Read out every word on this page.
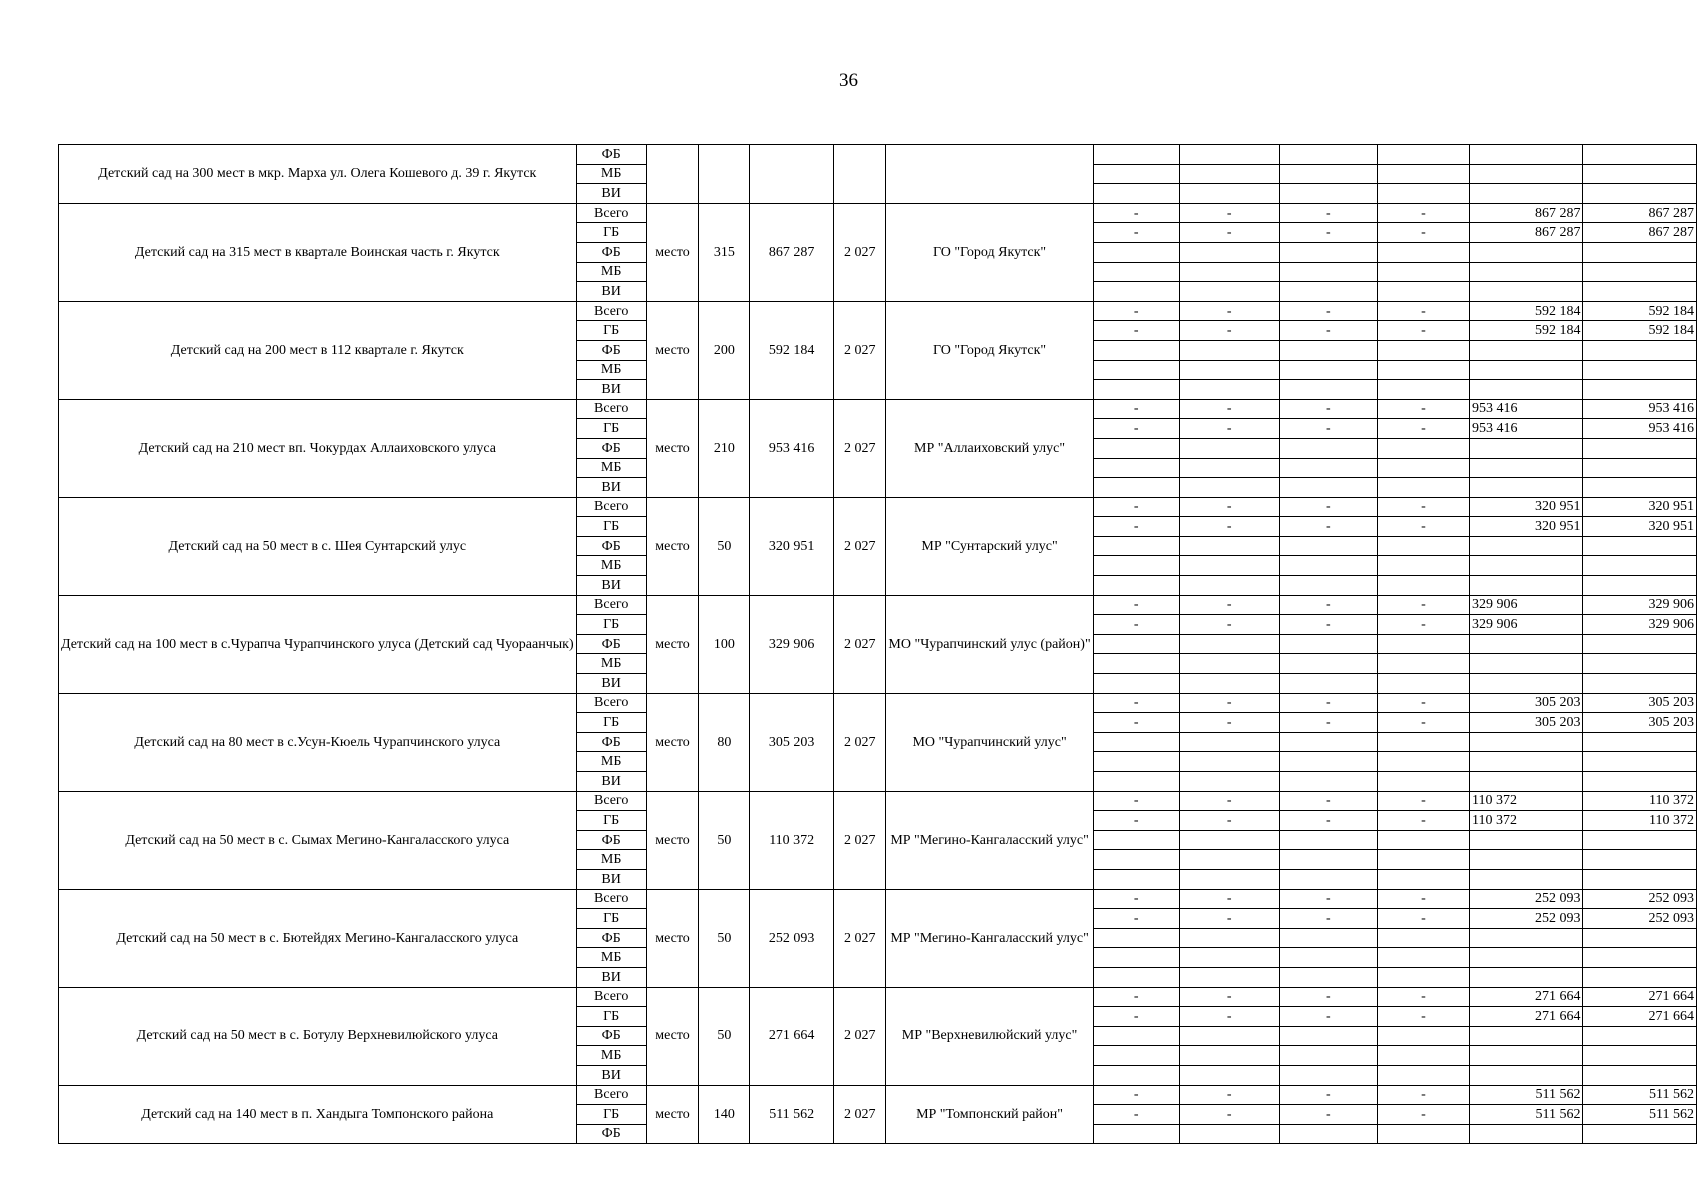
36
Детский сад на 300 мест в мкр. Марха ул. Олега Кошевого д. 39 г. Якутск	ФБ											
	МБ											
	ВИ											
Детский сад на 315 мест в квартале Воинская часть г. Якутск	Всего	место	315	867 287	2 027	ГО "Город Якутск"	-	-	-	-	867 287	867 287
	ГБ						-	-	-	-	867 287	867 287
	ФБ											
	МБ											
	ВИ											
Детский сад на 200 мест в 112 квартале г. Якутск	Всего	место	200	592 184	2 027	ГО "Город Якутск"	-	-	-	-	592 184	592 184
	ГБ						-	-	-	-	592 184	592 184
	ФБ											
	МБ											
	ВИ											
Детский сад на 210 мест вп. Чокурдах Аллаиховского улуса	Всего	место	210	953 416	2 027	МР "Аллаиховский улус"	-	-	-	-	953 416	953 416
	ГБ						-	-	-	-	953 416	953 416
	ФБ											
	МБ											
	ВИ											
Детский сад на 50 мест в с. Шея Сунтарский улус	Всего	место	50	320 951	2 027	МР "Сунтарский улус"	-	-	-	-	320 951	320 951
	ГБ						-	-	-	-	320 951	320 951
	ФБ											
	МБ											
	ВИ											
Детский сад на 100 мест в с.Чурапча Чурапчинского улуса (Детский сад Чуораанчык)	Всего	место	100	329 906	2 027	МО "Чурапчинский улус (район)"	-	-	-	-	329 906	329 906
	ГБ						-	-	-	-	329 906	329 906
	ФБ											
	МБ											
	ВИ											
Детский сад на 80 мест в с.Усун-Кюель Чурапчинского улуса	Всего	место	80	305 203	2 027	МО "Чурапчинский улус"	-	-	-	-	305 203	305 203
	ГБ						-	-	-	-	305 203	305 203
	ФБ											
	МБ											
	ВИ											
Детский сад на 50 мест в с. Сымах Мегино-Кангаласского улуса	Всего	место	50	110 372	2 027	МР "Мегино-Кангаласский улус"	-	-	-	-	110 372	110 372
	ГБ						-	-	-	-	110 372	110 372
	ФБ											
	МБ											
	ВИ											
Детский сад на 50 мест в с. Бютейдях Мегино-Кангаласского улуса	Всего	место	50	252 093	2 027	МР "Мегино-Кангаласский улус"	-	-	-	-	252 093	252 093
	ГБ						-	-	-	-	252 093	252 093
	ФБ											
	МБ											
	ВИ											
Детский сад на 50 мест в с. Ботулу Верхневилюйского улуса	Всего	место	50	271 664	2 027	МР "Верхневилюйский улус"	-	-	-	-	271 664	271 664
	ГБ						-	-	-	-	271 664	271 664
	ФБ											
	МБ											
	ВИ											
Детский сад на 140 мест в п. Хандыга Томпонского района	Всего	место	140	511 562	2 027	МР "Томпонский район"	-	-	-	-	511 562	511 562
	ГБ						-	-	-	-	511 562	511 562
	ФБ											
